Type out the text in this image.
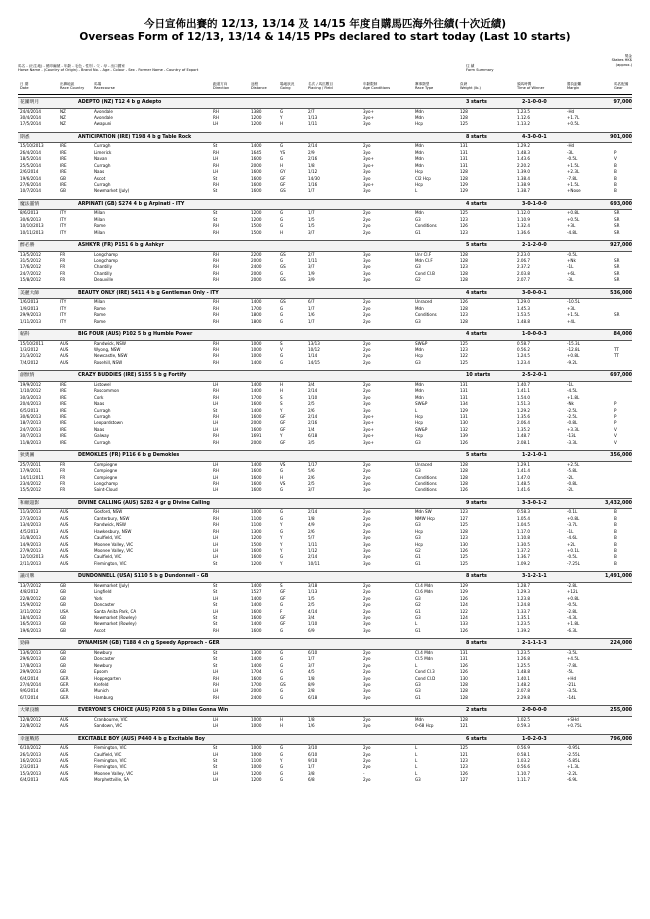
今日宣佈出賽的 12/13, 13/14 及 14/15 年度自購馬匹海外往績(十次近績)
Overseas Form of 12/13, 13/14 & 14/15 PPs declared to start today (Last 10 starts)
獎金
Stakes HK$
(approx.)
馬名 - (出生地) - 燒印編號 - 年齡 - 毛色 - 性別 - 父 - 母 - 出口國家
Horse Name - (Country of Origin) - Brand No. - Age - Colour - Sex - Former Name - Country of Export
往 績
Form Summary
日 期
Date
出賽地區
Race Country
馬場
Racecourse
跑道方向
Direction
途程
Distance
場地狀況
Going
名次 / 馬匹數目
Placing / Field
年齡限制
Age Conditions
賽事類型
Race Type
負磅
Weight (lb.)
頭馬時間
Time of Winner
勝負距離
Margin
馬匹配備
Gear
花團明月	ADEPTO (NZ) T12 4 b g Adepto	3 starts	2-1-0-0-0	97,000
24/4/2014	NZ	Avondale	RH	1380	G	2/7	3yo+	Mdn	128	1.23.5	-Hd
30/4/2014	NZ	Avondale	RH	1200	Y	1/13	3yo+	Mdn	128	1.12.6	+1.7L
17/5/2014	NZ	Awapuni	LH	1200	H	1/11	3yo	Hcp	125	1.13.2	+0.5L
期悉	ANTICIPATION (IRE) T198 4 b g Table Rock	8 starts	4-3-0-0-1	901,000
15/10/2013	IRE	Curragh	St	1400	G	2/14	2yo	Mdn	131	1.29.2	-Hd
26/4/2014	IRE	Limerick	RH	1645	YS	2/9	3yo	Mdn	131	1.48.3	-3L	P
18/5/2014	IRE	Navan	LH	1600	G	2/16	3yo+	Mdn	131	1.43.6	-0.5L	V
25/5/2014	IRE	Curragh	RH	2000	H	1/8	3yo+	Mdn	131	2.20.2	+1.5L	B
2/6/2014	IRE	Naas	LH	1600	GY	1/12	3yo	Hcp	128	1.39.0	+2.3L	B
19/6/2014	GB	Ascot	St	1600	GF	14/30	3yo	Cl2 Hcp	128	1.38.4	-7.8L	B
27/6/2014	IRE	Curragh	RH	1600	GF	1/16	3yo+	Hcp	129	1.38.9	+1.5L	B
10/7/2014	GB	Newmarket (July)	St	1600	GS	1/7	3yo	L	129	1.38.7	+Nose	B
魔法靈情	ARPINATI (GB) S274 4 b g Arpinati - ITY	4 starts	3-0-1-0-0	693,000
8/6/2013	ITY	Milan	St	1200	G	1/7	2yo	Mdn	125	1.12.0	+0.8L	SR
30/6/2013	ITY	Milan	St	1200	G	1/5	2yo	G3	123	1.10.9	+0.5L	SR
10/10/2013	ITY	Rome	RH	1500	G	1/5	2yo	Conditions	126	1.32.4	+3L	SR
10/11/2013	ITY	Milan	RH	1500	H	3/7	2yo	G1	123	1.36.6	-4.8L	SR
醉必勝	ASHKYR (FR) P151 6 b g Ashkyr	5 starts	2-1-2-0-0	927,000
13/5/2012	FR	Longchamp	RH	2200	GS	2/7	3yo	Unr Cl.F	128	2.23.0	-0.5L
31/5/2012	FR	Longchamp	RH	2000	G	1/11	3yo	Mdn Cl.F	128	2.06.7	+Nk	SR
17/6/2012	FR	Chantilly	RH	2400	GS	3/7	3yo	G3	123	2.37.2	-1L	SR
24/7/2012	FR	Chantilly	RH	2000	G	1/9	3yo	Cond Cl.B	128	2.03.8	+6L	SR
15/8/2012	FR	Deauville	RH	2000	GS	3/9	3yo	G2	128	2.07.7	-3L	SR
美麗大師	BEAUTY ONLY (IRE) S411 4 b g Gentleman Only - ITY	4 starts	3-0-0-0-1	536,000
1/6/2013	ITY	Milan	RH	1400	GS	6/7	2yo	Unraced	126	1.29.0	-10.5L
1/9/2013	ITY	Rome	RH	1700	G	1/7	2yo	Mdn	128	1.45.3	+3L
29/9/2013	ITY	Rome	RH	1800	G	1/6	2yo	Conditions	123	1.53.5	+1.5L	SR
1/11/2013	ITY	Rome	RH	1800	G	1/7	2yo	G3	128	1.48.8	+4L
韜科	BIG FOUR (AUS) P102 5 b g Humble Power	4 starts	1-0-0-0-3	84,000
15/10/2011	AUS	Randwick, NSW	RH	1000	S	13/13	2yo	SW&P	125	0.58.7	-15.3L
1/3/2012	AUS	Wyong, NSW	RH	1000	V	10/12	2yo	Mdn	123	0.56.2	-12.8L	TT
21/3/2012	AUS	Newcastle, NSW	RH	1000	G	1/14	2yo	Hcp	122	1.24.5	+0.8L	TT
7/4/2012	AUS	Rosehill, NSW	RH	1400	G	14/15	2yo	G3	125	1.23.4	-9.2L
創無情	CRAZY BUDDIES (IRE) S155 5 b g Fortify	10 starts	2-5-2-0-1	697,000
19/9/2012	IRE	Listowel	LH	1400	H	3/4	2yo	Mdn	131	1.40.7	-1L
1/10/2012	IRE	Roscommon	RH	1400	H	2/14	2yo	Mdn	131	1.41.1	-4.5L
30/3/2013	IRE	Cork	RH	1700	S	1/10	3yo	Mdn	131	1.54.0	+1.8L
20/4/2013	IRE	Naas	LH	1600	S	2/5	3yo	SW&P	134	1.51.3	-Nk	P
6/5/2013	IRE	Curragh	St	1400	Y	2/6	3yo	L	129	1.29.2	-2.5L	P
30/6/2013	IRE	Curragh	RH	1600	GF	2/14	3yo+	Hcp	131	1.35.6	-2.5L	P
18/7/2013	IRE	Leopardstown	LH	2000	GF	2/16	3yo+	Hcp	130	2.06.4	-0.8L	P
24/7/2013	IRE	Naas	LH	1600	GF	1/4	3yo+	SW&P	132	1.35.2	+3.3L	V
30/7/2013	IRE	Galway	RH	1691	Y	6/18	3yo+	Hcp	139	1.48.7	-13L	V
11/8/2013	IRE	Curragh	RH	2000	GF	3/5	3yo+	G3	126	2.08.1	-3.3L	V
狄奧圖	DEMOKLES (FR) P116 6 b g Demokles	5 starts	1-2-1-0-1	356,000
25/7/2011	FR	Compiegne	LH	1400	VS	1/17	2yo	Unraced	128	1.29.1	+2.5L
17/9/2011	FR	Compiegne	RH	1600	G	5/6	2yo	G3	128	1.41.4	-5.8L
14/11/2011	FR	Compiegne	LH	1600	H	2/6	2yo	Conditions	128	1.47.0	-2L
23/4/2012	FR	Longchamp	RH	1600	VS	2/5	3yo	Conditions	128	1.48.5	-0.8L
15/5/2012	FR	Saint-Cloud	LH	1600	G	3/7	3yo	Conditions	126	1.41.6	-2L
和順超影	DIVINE CALLING (AUS) S282 4 gr g Divine Calling	9 starts	3-3-0-1-2	3,432,000
11/3/2013	AUS	Gosford, NSW	RH	1000	G	2/14	2yo	Mdn SW	123	0.58.3	-0.1L	B
27/3/2013	AUS	Canterbury, NSW	RH	1100	G	1/8	2yo	NMW Hcp	127	1.05.4	+0.8L	B
13/4/2013	AUS	Randwick, NSW	RH	1100	Y	4/9	2yo	G3	125	1.04.5	-3.7L	B
4/5/2013	AUS	Hawkesbury, NSW	RH	1300	G	2/6	2yo	Hcp	128	1.17.0	-1L	B
31/8/2013	AUS	Caulfield, VIC	LH	1200	Y	5/7	3yo	G3	123	1.10.8	-4.6L	B
14/9/2013	AUS	Moonee Valley, VIC	LH	1500	Y	1/11	3yo	Hcp	130	1.30.5	+2L	B
27/9/2013	AUS	Moonee Valley, VIC	LH	1600	Y	1/12	3yo	G2	126	1.37.2	+0.1L	B
12/10/2013	AUS	Caulfield, VIC	LH	1600	G	2/14	3yo	G1	125	1.36.7	-0.5L	B
2/11/2013	AUS	Flemington, VIC	St	1200	Y	10/11	3yo	G1	125	1.09.2	-7.25L	B
議司牌	DUNDONNELL (USA) S110 5 b g Dundonnell - GB	8 starts	3-1-2-1-1	1,491,000
13/7/2012	GB	Newmarket (July)	St	1400	S	3/18	2yo	Cl.4 Mdn	129	1.28.7	-2.8L
4/8/2012	GB	Lingfield	St	1527	GF	1/13	2yo	Cl.6 Mdn	129	1.29.3	+12L
22/8/2012	GB	York	LH	1400	GF	1/5	2yo	G3	126	1.23.8	+0.8L
15/9/2012	GB	Doncaster	St	1400	G	2/5	2yo	G2	124	1.24.8	-0.5L
3/11/2012	USA	Santa Anita Park, CA	LH	1600	F	4/14	2yo	G1	122	1.33.7	-2.8L
18/4/2013	GB	Newmarket (Rowley)	St	1600	GF	3/4	3yo	G3	124	1.35.1	-4.3L
16/5/2013	GB	Newmarket (Rowley)	St	1400	GF	1/10	3yo	L	133	1.23.5	+1.8L
19/6/2013	GB	Ascot	RH	1600	G	6/9	3yo	G1	126	1.39.2	-6.3L
勁鋒	DYNAMISM (GB) T188 4 ch g Speedy Approach - GER	8 starts	2-1-1-1-3	224,000
13/6/2013	GB	Newbury	St	1300	G	6/10	2yo	Cl.4 Mdn	131	1.23.5	-3.5L
29/6/2013	GB	Doncaster	St	1400	G	1/7	2yo	Cl.5 Mdn	131	1.26.8	+4.5L
17/8/2013	GB	Newbury	St	1400	G	3/7	2yo	L	126	1.25.5	-7.8L
29/9/2013	GB	Epsom	LH	1704	G	4/5	2yo	Cond Cl.3	126	1.48.8	-5L
6/4/2014	GER	Hoppegarten	RH	1600	G	1/8	3yo	Cond Cl.D	130	1.40.1	+Hd
27/4/2014	GER	Krefeld	RH	1700	GS	8/9	3yo	G3	128	1.48.2	-21L
9/6/2014	GER	Munich	LH	2000	G	2/8	3yo	G3	128	2.07.8	-3.5L
6/7/2014	GER	Hamburg	RH	2400	G	6/18	3yo	G1	128	2.29.8	-14L
大眾良駒	EVERYONE'S CHOICE (AUS) P208 5 b g Dilles Gonna Win	2 starts	2-0-0-0-0	255,000
12/8/2012	AUS	Cranbourne, VIC	LH	1000	H	1/8	2yo	Mdn	128	1.02.5	+SHd
22/8/2012	AUS	Sandown, VIC	LH	1000	H	1/6	3yo	0-68 Hcp	121	0.59.3	+0.75L
幸運戰將	EXCITABLE BOY (AUS) P440 4 b g Excitable Boy	6 starts	1-0-2-0-3	796,000
6/10/2012	AUS	Flemington, VIC	St	1000	G	3/10	2yo	L	125	0.56.9	-0.95L
26/1/2013	AUS	Caulfield, VIC	LH	1000	G	6/10	2yo	L	121	0.58.1	-2.55L
16/2/2013	AUS	Flemington, VIC	St	1100	Y	9/10	2yo	L	123	1.03.2	-5.85L
2/3/2013	AUS	Flemington, VIC	St	1000	G	1/7	2yo	L	123	0.56.6	+1.3L
15/3/2013	AUS	Moonee Valley, VIC	LH	1200	G	3/8	-	L	126	1.10.7	-2.2L
6/4/2013	AUS	Morphettville, SA	LH	1200	G	6/8	2yo	G3	127	1.11.7	-6.9L
